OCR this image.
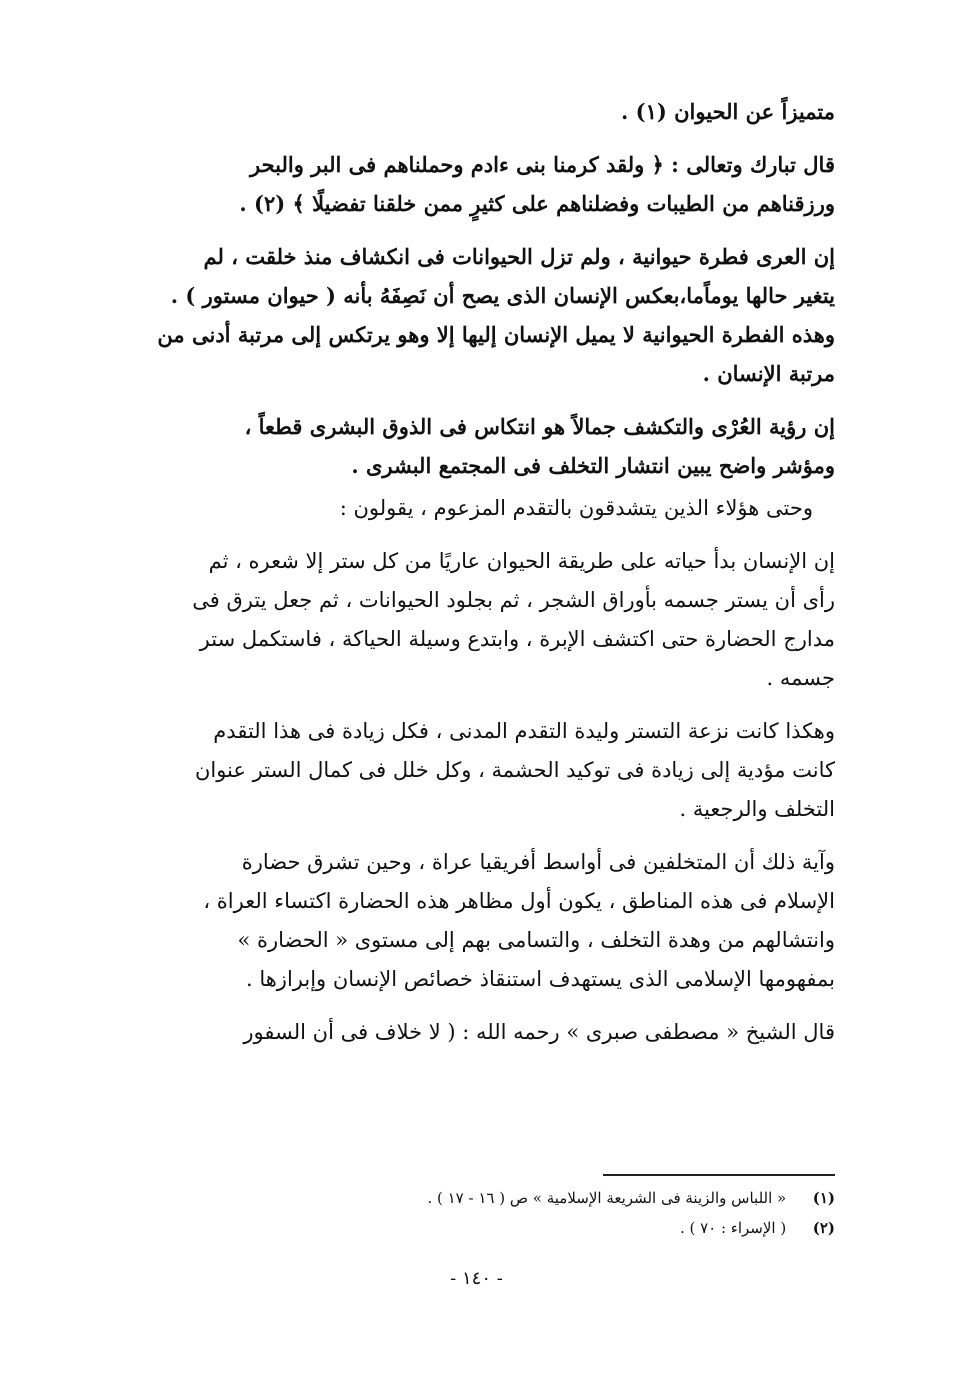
متميزاً عن الحيوان (١) .

قال تبارك وتعالى : ﴿ ولقد كرمنا بنى ءادم وحملناهم فى البر والبحر
ورزقناهم من الطيبات وفضلناهم على كثيرٍ ممن خلقنا تفضيلًا ﴾ (٢) .

إن العرى فطرة حيوانية ، ولم تزل الحيوانات فى انكشاف منذ خلقت ، لم
يتغير حالها يوماًما،بعكس الإنسان الذى يصح أن نَصِفَهُ بأنه ( حيوان مستور ) .
وهذه الفطرة الحيوانية لا يميل الإنسان إليها إلا وهو يرتكس إلى مرتبة أدنى من
مرتبة الإنسان .

إن رؤية العُرْى والتكشف جمالاً هو انتكاس فى الذوق البشرى قطعاً ،
ومؤشر واضح يبين انتشار التخلف فى المجتمع البشرى .

وحتى هؤلاء الذين يتشدقون بالتقدم المزعوم ، يقولون :

إن الإنسان بدأ حياته على طريقة الحيوان عاريًا من كل ستر إلا شعره ، ثم
رأى أن يستر جسمه بأوراق الشجر ، ثم بجلود الحيوانات ، ثم جعل يترق فى
مدارج الحضارة حتى اكتشف الإبرة ، وابتدع وسيلة الحياكة ، فاستكمل ستر
جسمه .

وهكذا كانت نزعة التستر وليدة التقدم المدنى ، فكل زيادة فى هذا التقدم
كانت مؤدية إلى زيادة فى توكيد الحشمة ، وكل خلل فى كمال الستر عنوان
التخلف والرجعية .

وآية ذلك أن المتخلفين فى أواسط أفريقيا عراة ، وحين تشرق حضارة
الإسلام فى هذه المناطق ، يكون أول مظاهر هذه الحضارة اكتساء العراة ،
وانتشالهم من وهدة التخلف ، والتسامى بهم إلى مستوى « الحضارة »
بمفهومها الإسلامى الذى يستهدف استنقاذ خصائص الإنسان وإبرازها .

قال الشيخ « مصطفى صبرى » رحمه الله : ( لا خلاف فى أن السفور

(١) « اللباس والزينة فى الشريعة الإسلامية » ص ( ١٦ - ١٧ ) .
(٢) ( الإسراء : ٧٠ ) .
- ١٤٠ -
